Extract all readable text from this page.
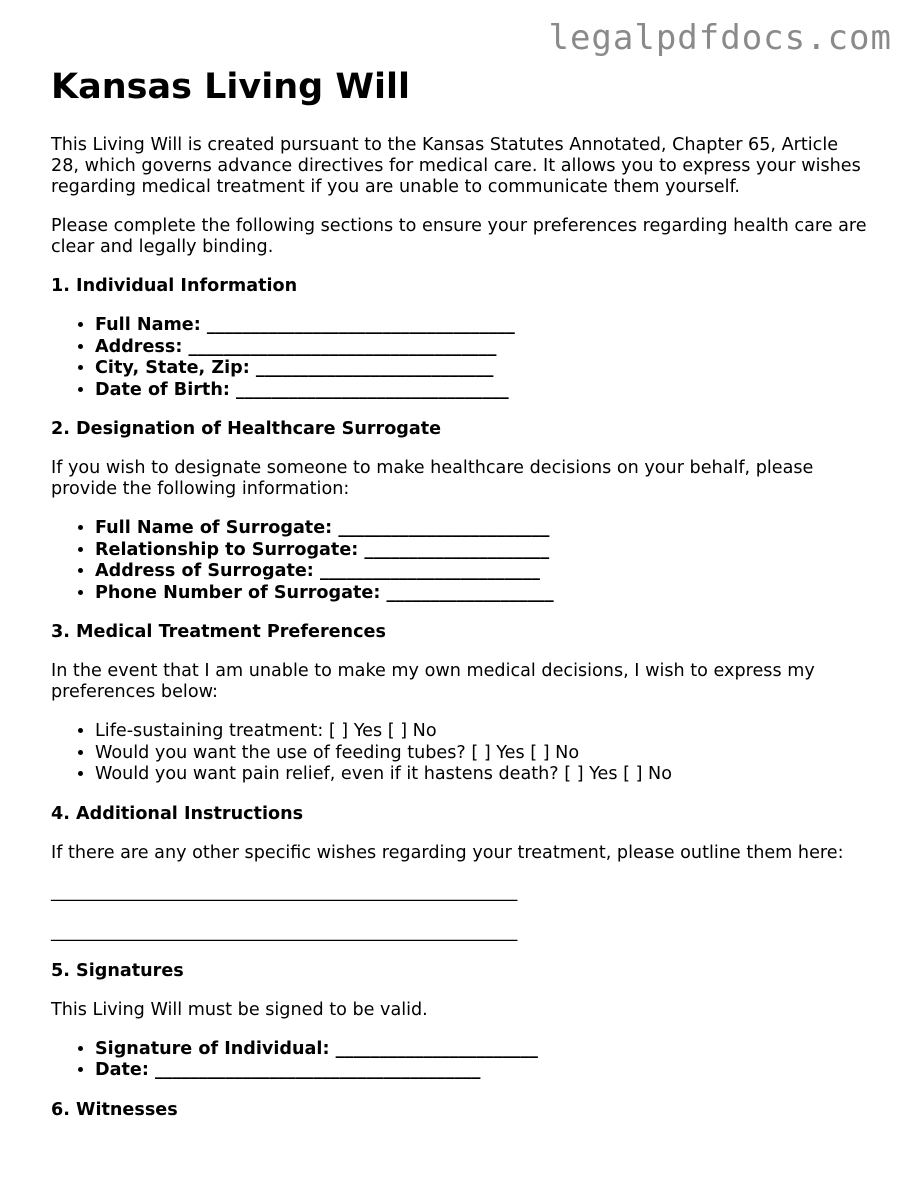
legalpdfdocs.com

Kansas Living Will

This Living Will is created pursuant to the Kansas Statutes Annotated, Chapter 65, Article 28, which governs advance directives for medical care. It allows you to express your wishes regarding medical treatment if you are unable to communicate them yourself.

Please complete the following sections to ensure your preferences regarding health care are clear and legally binding.

1. Individual Information
• Full Name: ___________________________________
• Address: ___________________________________
• City, State, Zip: ___________________________
• Date of Birth: _______________________________
2. Designation of Healthcare Surrogate

If you wish to designate someone to make healthcare decisions on your behalf, please provide the following information:

• Full Name of Surrogate: ________________________
• Relationship to Surrogate: _____________________
• Address of Surrogate: _________________________
• Phone Number of Surrogate: ___________________
3. Medical Treatment Preferences

In the event that I am unable to make my own medical decisions, I wish to express my preferences below:

• Life-sustaining treatment: [ ] Yes [ ] No
• Would you want the use of feeding tubes? [ ] Yes [ ] No
• Would you want pain relief, even if it hastens death? [ ] Yes [ ] No
4. Additional Instructions

If there are any other specific wishes regarding your treatment, please outline them here:

_____________________________________________________
_____________________________________________________
5. Signatures

This Living Will must be signed to be valid.

• Signature of Individual: _______________________
• Date: _____________________________________
6. Witnesses
